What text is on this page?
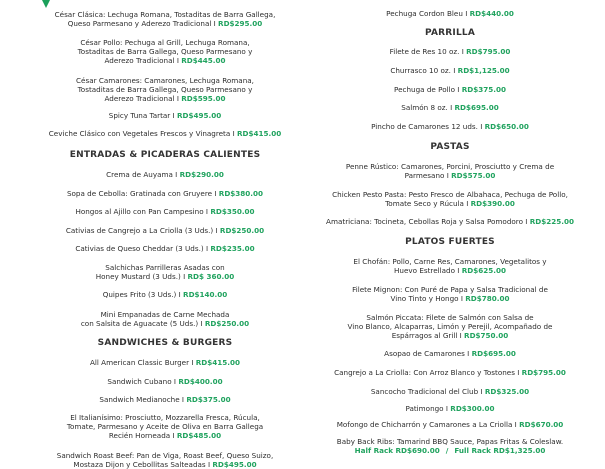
César Clásica: Lechuga Romana, Tostaditas de Barra Gallega,
Queso Parmesano y Aderezo Tradicional I RD$295.00
César Pollo: Pechuga al Grill, Lechuga Romana,
Tostaditas de Barra Gallega, Queso Parmesano y
Aderezo Tradicional I RD$445.00
César Camarones: Camarones, Lechuga Romana,
Tostaditas de Barra Gallega, Queso Parmesano y
Aderezo Tradicional I RD$595.00
Spicy Tuna Tartar I RD$495.00
Ceviche Clásico con Vegetales Frescos y Vinagreta I RD$415.00
ENTRADAS & PICADERAS CALIENTES
Crema de Auyama I RD$290.00
Sopa de Cebolla: Gratinada con Gruyere I RD$380.00
Hongos al Ajillo con Pan Campesino I RD$350.00
Cativias de Cangrejo a La Criolla (3 Uds.) I RD$250.00
Cativias de Queso Cheddar (3 Uds.) I RD$235.00
Salchichas Parrilleras Asadas con
Honey Mustard (3 Uds.) I RD$ 360.00
Quipes Frito (3 Uds.) I RD$140.00
Mini Empanadas de Carne Mechada
con Salsita de Aguacate (5 Uds.) I RD$250.00
SANDWICHES & BURGERS
All American Classic Burger I RD$415.00
Sandwich Cubano I RD$400.00
Sandwich Medianoche I RD$375.00
El Italianísimo: Prosciutto, Mozzarella Fresca, Rúcula,
Tomate, Parmesano y Aceite de Oliva en Barra Gallega
Recién Horneada I RD$485.00
Sandwich Roast Beef: Pan de Viga, Roast Beef, Queso Suizo,
Mostaza Dijon y Cebollitas Salteadas I RD$495.00
Pechuga Cordon Bleu I RD$440.00
PARRILLA
Filete de Res 10 oz. I RD$795.00
Churrasco 10 oz. I RD$1,125.00
Pechuga de Pollo I RD$375.00
Salmón 8 oz. I RD$695.00
Pincho de Camarones 12 uds. I RD$650.00
PASTAS
Penne Rústico: Camarones, Porcini, Prosciutto y Crema de
Parmesano I RD$575.00
Chicken Pesto Pasta: Pesto Fresco de Albahaca, Pechuga de Pollo,
Tomate Seco y Rúcula I RD$390.00
Amatriciana: Tocineta, Cebollas Roja y Salsa Pomodoro I RD$225.00
PLATOS FUERTES
El Chofán: Pollo, Carne Res, Camarones, Vegetalitos y
Huevo Estrellado I RD$625.00
Filete Mignon: Con Puré de Papa y Salsa Tradicional de
Vino Tinto y Hongo I RD$780.00
Salmón Piccata: Filete de Salmón con Salsa de
Vino Blanco, Alcaparras, Limón y Perejil, Acompañado de
Espárragos al Grill I RD$750.00
Asopao de Camarones I RD$695.00
Cangrejo a La Criolla: Con Arroz Blanco y Tostones I RD$795.00
Sancocho Tradicional del Club I RD$325.00
Patimongo I RD$300.00
Mofongo de Chicharrón y Camarones a La Criolla I RD$670.00
Baby Back Ribs: Tamarind BBQ Sauce, Papas Fritas & Coleslaw.
Half Rack RD$690.00 / Full Rack RD$1,325.00
